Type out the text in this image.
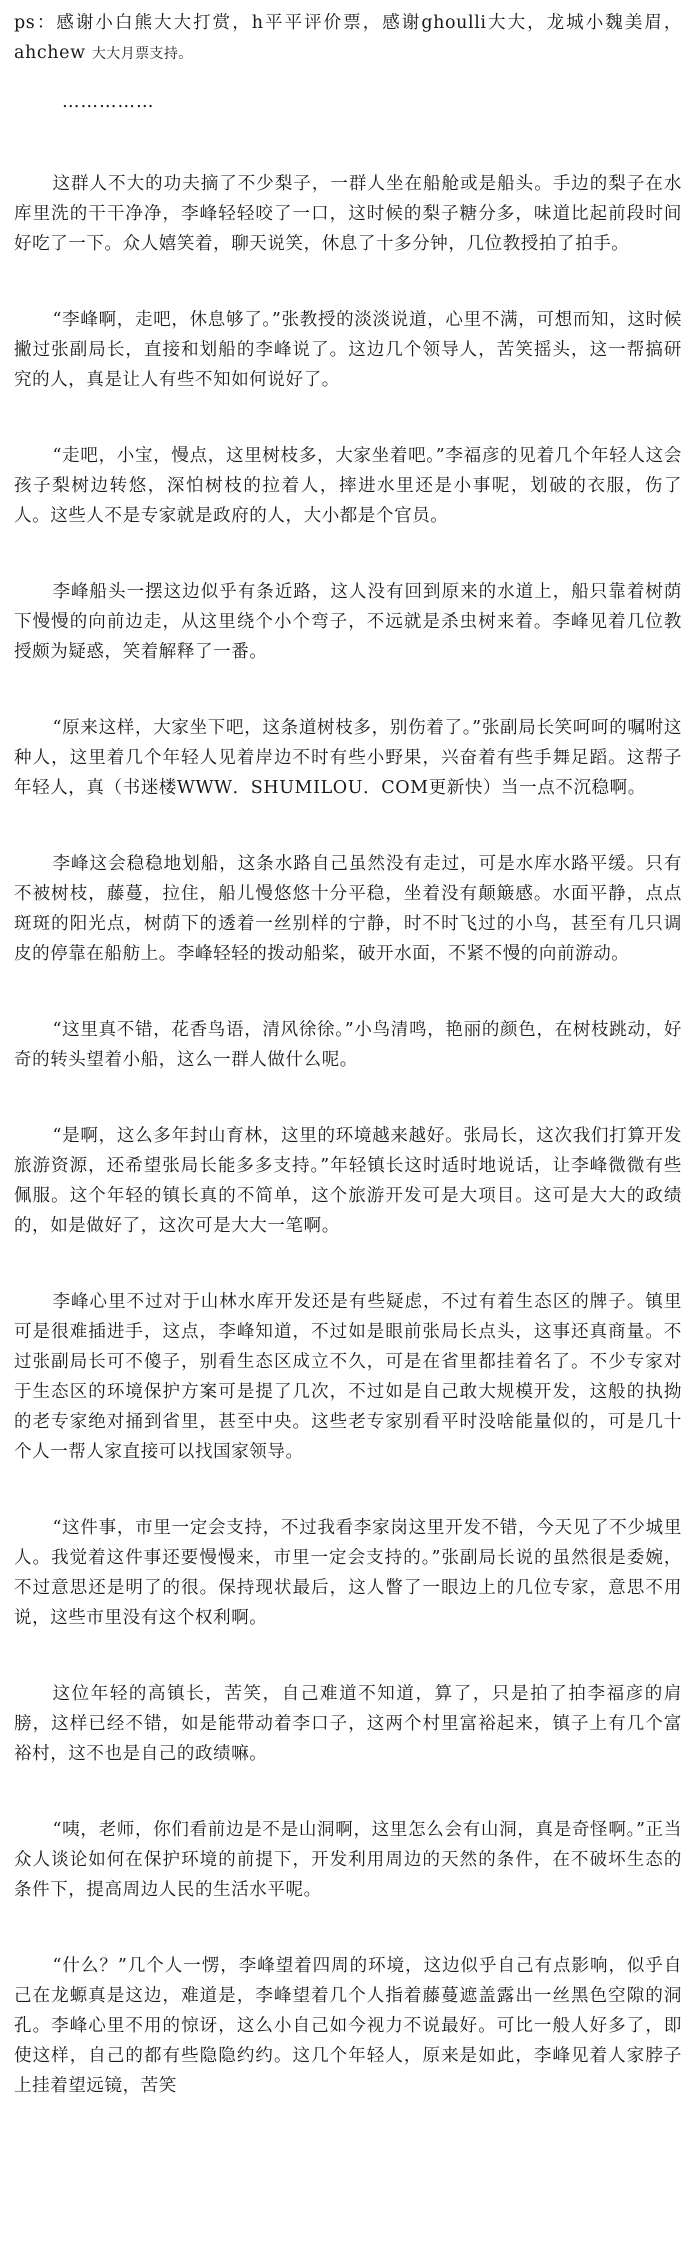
ps：感谢小白熊大大打赏，h平平评价票，感谢ghoulli大大，龙城小魏美眉，ahchew 大大月票支持。

……………

这群人不大的功夫摘了不少梨子，一群人坐在船舱或是船头。手边的梨子在水库里洗的干干净净，李峰轻轻咬了一口，这时候的梨子糖分多，味道比起前段时间好吃了一下。众人嬉笑着，聊天说笑，休息了十多分钟，几位教授拍了拍手。

“李峰啊，走吧，休息够了。”张教授的淡淡说道，心里不满，可想而知，这时候撇过张副局长，直接和划船的李峰说了。这边几个领导人，苦笑摇头，这一帮搞研究的人，真是让人有些不知如何说好了。

“走吧，小宝，慢点，这里树枝多，大家坐着吧。”李福彦的见着几个年轻人这会孩子梨树边转悠，深怕树枝的拉着人，摔进水里还是小事呢，划破的衣服，伤了人。这些人不是专家就是政府的人，大小都是个官员。

李峰船头一摆这边似乎有条近路，这人没有回到原来的水道上，船只靠着树荫下慢慢的向前边走，从这里绕个小个弯子，不远就是杀虫树来着。李峰见着几位教授颇为疑惑，笑着解释了一番。

“原来这样，大家坐下吧，这条道树枝多，别伤着了。”张副局长笑呵呵的嘱咐这种人，这里着几个年轻人见着岸边不时有些小野果，兴奋着有些手舞足蹈。这帮子年轻人，真（书迷楼WWW．SHUMILOU．COM更新快）当一点不沉稳啊。

李峰这会稳稳地划船，这条水路自己虽然没有走过，可是水库水路平缓。只有不被树枝，藤蔓，拉住，船儿慢悠悠十分平稳，坐着没有颠簸感。水面平静，点点斑斑的阳光点，树荫下的透着一丝别样的宁静，时不时飞过的小鸟，甚至有几只调皮的停靠在船舫上。李峰轻轻的拨动船桨，破开水面，不紧不慢的向前游动。

“这里真不错，花香鸟语，清风徐徐。”小鸟清鸣，艳丽的颜色，在树枝跳动，好奇的转头望着小船，这么一群人做什么呢。

“是啊，这么多年封山育林，这里的环境越来越好。张局长，这次我们打算开发旅游资源，还希望张局长能多多支持。”年轻镇长这时适时地说话，让李峰微微有些佩服。这个年轻的镇长真的不简单，这个旅游开发可是大项目。这可是大大的政绩的，如是做好了，这次可是大大一笔啊。

李峰心里不过对于山林水库开发还是有些疑虑，不过有着生态区的牌子。镇里可是很难插进手，这点，李峰知道，不过如是眼前张局长点头，这事还真商量。不过张副局长可不傻子，别看生态区成立不久，可是在省里都挂着名了。不少专家对于生态区的环境保护方案可是提了几次，不过如是自己敢大规模开发，这般的执拗的老专家绝对捅到省里，甚至中央。这些老专家别看平时没啥能量似的，可是几十个人一帮人家直接可以找国家领导。

“这件事，市里一定会支持，不过我看李家岗这里开发不错，今天见了不少城里人。我觉着这件事还要慢慢来，市里一定会支持的。”张副局长说的虽然很是委婉，不过意思还是明了的很。保持现状最后，这人瞥了一眼边上的几位专家，意思不用说，这些市里没有这个权利啊。

这位年轻的高镇长，苦笑，自己难道不知道，算了，只是拍了拍李福彦的肩膀，这样已经不错，如是能带动着李口子，这两个村里富裕起来，镇子上有几个富裕村，这不也是自己的政绩嘛。

“咦，老师，你们看前边是不是山洞啊，这里怎么会有山洞，真是奇怪啊。”正当众人谈论如何在保护环境的前提下，开发利用周边的天然的条件，在不破坏生态的条件下，提高周边人民的生活水平呢。

“什么？”几个人一愣，李峰望着四周的环境，这边似乎自己有点影响，似乎自己在龙螈真是这边，难道是，李峰望着几个人指着藤蔓遮盖露出一丝黑色空隙的洞孔。李峰心里不用的惊讶，这么小自己如今视力不说最好。可比一般人好多了，即使这样，自己的都有些隐隐约约。这几个年轻人，原来是如此，李峰见着人家脖子上挂着望远镜，苦笑
